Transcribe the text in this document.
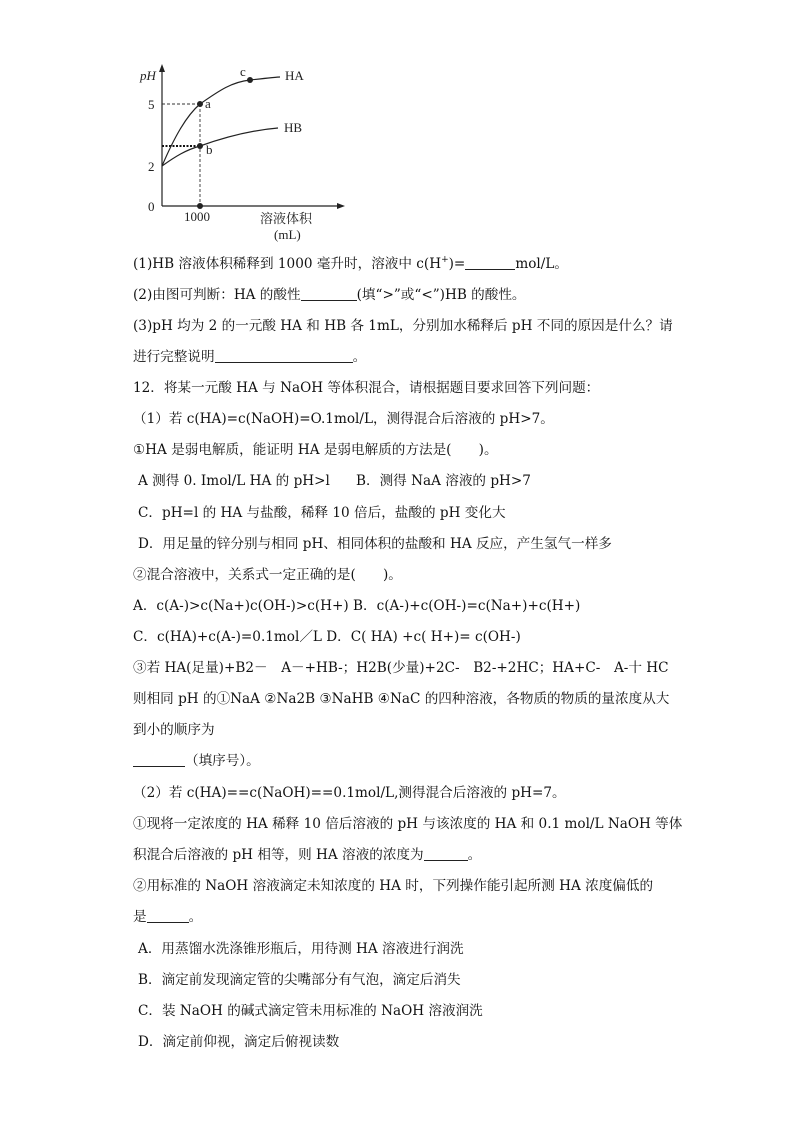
pH
溶液体积
(mL)
5
2
0
1000
a
b
c	HA
HB
(1)HB 溶液体积稀释到 1000 毫升时，溶液中 c(H+)=	mol/L。
(2)由图可判断：HA 的酸性	(填“>”或“<”)HB 的酸性。
(3)pH 均为 2 的一元酸 HA 和 HB 各 1mL，分别加水稀释后 pH 不同的原因是什么？请
进行完整说明	。
12．将某一元酸 HA 与 NaOH 等体积混合，请根据题目要求回答下列问题：
（1）若 c(HA)=c(NaOH)=O.1mol/L，测得混合后溶液的 pH>7。
①HA 是弱电解质，能证明 HA 是弱电解质的方法是(　　)。
A 测得 0. Imol/L HA 的 pH>l B．测得 NaA 溶液的 pH>7
C．pH=l 的 HA 与盐酸，稀释 10 倍后，盐酸的 pH 变化大
D．用足量的锌分别与相同 pH、相同体积的盐酸和 HA 反应，产生氢气一样多
②混合溶液中，关系式一定正确的是(　　)。
A．c(A-)>c(Na+)c(OH-)>c(H+) B．c(A-)+c(OH-)=c(Na+)+c(H+)
C．c(HA)+c(A-)=0.1mol／L D．C( HA) +c( H+)= c(OH-)
③若 HA(足量)+B2－　A－+HB-；H2B(少量)+2C-　B2-+2HC；HA+C-　A-十 HC
则相同 pH 的①NaA ②Na2B ③NaHB ④NaC 的四种溶液，各物质的物质的量浓度从大
到小的顺序为
（填序号）。
（2）若 c(HA)==c(NaOH)==0.1mol/L,测得混合后溶液的 pH=7。
①现将一定浓度的 HA 稀释 10 倍后溶液的 pH 与该浓度的 HA 和 0.1 mol/L NaOH 等体
积混合后溶液的 pH 相等，则 HA 溶液的浓度为	。
②用标准的 NaOH 溶液滴定未知浓度的 HA 时，下列操作能引起所测 HA 浓度偏低的
是	。
A．用蒸馏水洗涤锥形瓶后，用待测 HA 溶液进行润洗
B．滴定前发现滴定管的尖嘴部分有气泡，滴定后消失
C．装 NaOH 的碱式滴定管未用标准的 NaOH 溶液润洗
D．滴定前仰视，滴定后俯视读数
